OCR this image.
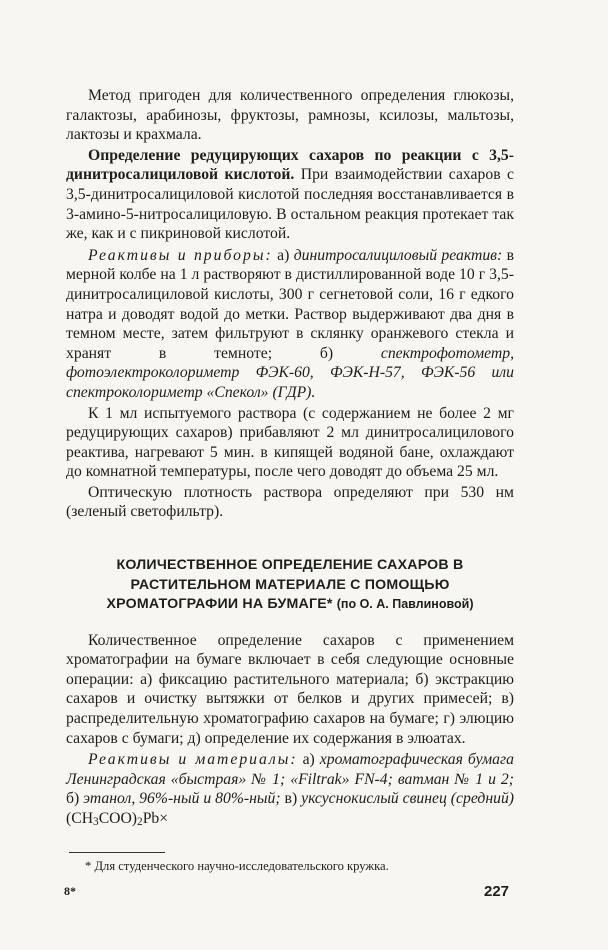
Метод пригоден для количественного определения глюкозы, галактозы, арабинозы, фруктозы, рамнозы, ксилозы, мальтозы, лактозы и крахмала.

Определение редуцирующих сахаров по реакции с 3,5-динитросалициловой кислотой. При взаимодействии сахаров с 3,5-динитросалициловой кислотой последняя восстанавливается в 3-амино-5-нитросалициловую. В остальном реакция протекает так же, как и с пикриновой кислотой.

Реактивы и приборы: а) динитросалициловый реактив: в мерной колбе на 1 л растворяют в дистиллированной воде 10 г 3,5-динитросалициловой кислоты, 300 г сегнетовой соли, 16 г едкого натра и доводят водой до метки. Раствор выдерживают два дня в темном месте, затем фильтруют в склянку оранжевого стекла и хранят в темноте;	б)	спектрофотометр, фотоэлектроколориметр ФЭК-60, ФЭК-Н-57, ФЭК-56 или спектроколориметр «Спекол» (ГДР).

К 1 мл испытуемого раствора (с содержанием не более 2 мг редуцирующих сахаров) прибавляют 2 мл динитросалицилового реактива, нагревают 5 мин. в кипящей водяной бане, охлаждают до комнатной температуры, после чего доводят до объема 25 мл.

Оптическую плотность раствора определяют при 530 нм (зеленый светофильтр).

КОЛИЧЕСТВЕННОЕ ОПРЕДЕЛЕНИЕ САХАРОВ В РАСТИТЕЛЬНОМ МАТЕРИАЛЕ С ПОМОЩЬЮ ХРОМАТОГРАФИИ НА БУМАГЕ* (по О. А. Павлиновой)

Количественное определение сахаров с применением хроматографии на бумаге включает в себя следующие основные операции: а) фиксацию растительного материала; б) экстракцию сахаров и очистку вытяжки от белков и других примесей; в) распределительную хроматографию сахаров на бумаге; г) элюцию сахаров с бумаги; д) определение их содержания в элюатах.

Реактивы и материалы: а) хроматографическая бумага Ленинградская «быстрая» № 1; «Filtrak» FN-4; ватман № 1 и 2; б) этанол, 96%-ный и 80%-ный; в) уксуснокислый свинец (средний) (CH3COO)2Pb×

* Для студенческого научно-исследовательского кружка.
8*	227
